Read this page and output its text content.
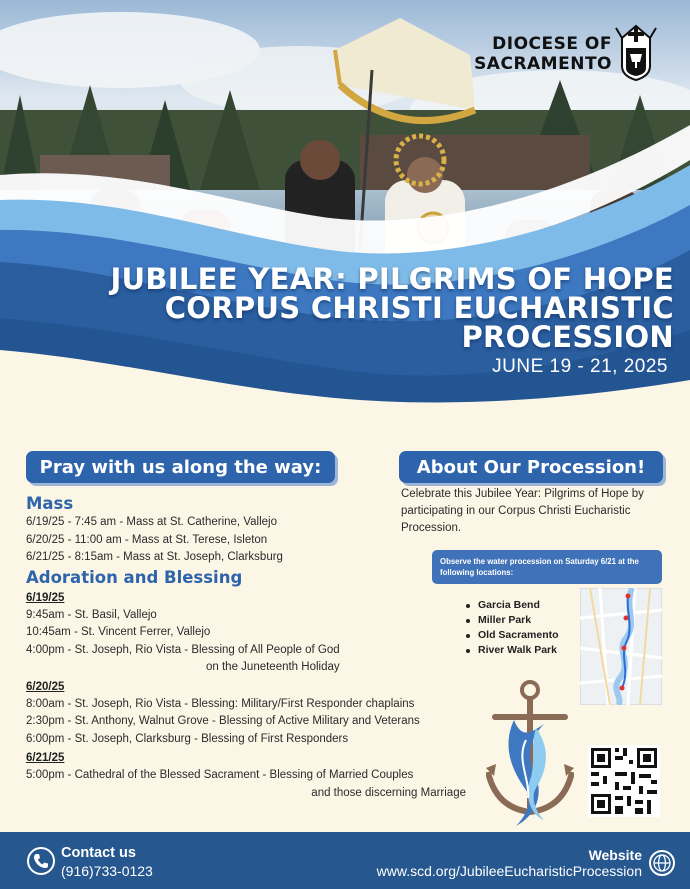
DIOCESE OF
SACRAMENTO
JUBILEE YEAR: PILGRIMS OF HOPE
CORPUS CHRISTI EUCHARISTIC
PROCESSION
JUNE 19 - 21, 2025
Pray with us along the way:	About Our Procession!
Mass
6/19/25 - 7:45 am - Mass at St. Catherine, Vallejo
6/20/25 - 11:00 am - Mass at St. Terese, Isleton
6/21/25 - 8:15am - Mass at St. Joseph, Clarksburg
Adoration and Blessing
6/19/25
9:45am - St. Basil, Vallejo
10:45am - St. Vincent Ferrer, Vallejo
4:00pm - St. Joseph, Rio Vista - Blessing of All People of God
on the Juneteenth Holiday
6/20/25
8:00am - St. Joseph, Rio Vista - Blessing: Military/First Responder chaplains
2:30pm - St. Anthony, Walnut Grove - Blessing of Active Military and Veterans
6:00pm - St. Joseph, Clarksburg - Blessing of First Responders
6/21/25
5:00pm - Cathedral of the Blessed Sacrament - Blessing of Married Couples
and those discerning Marriage
Celebrate this Jubilee Year: Pilgrims of Hope by participating in our Corpus Christi Eucharistic Procession.
Observe the water procession on Saturday 6/21 at the following locations:
Garcia Bend
Miller Park
Old Sacramento
River Walk Park
Contact us
(916)733-0123
Website
www.scd.org/JubileeEucharisticProcession
